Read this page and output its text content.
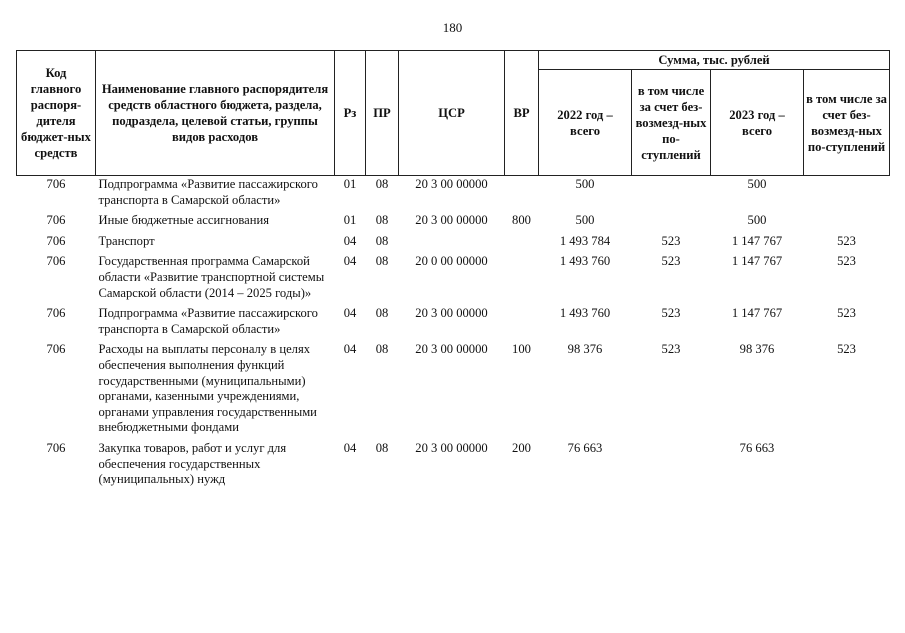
180
Код главного распоря-дителя бюджет-ных средств	Наименование главного распорядителя средств областного бюджета, раздела, подраздела, целевой статьи, группы видов расходов	Рз	ПР	ЦСР	ВР	Сумма, тыс. рублей			
						2022 год – всего	в том числе за счет без-возмезд-ных по-ступлений	2023 год – всего	в том числе за счет без-возмезд-ных по-ступлений
706	Подпрограмма «Развитие пассажирского транспорта в Самарской области»	01	08	20 3 00 00000		500		500	
706	Иные бюджетные ассигнования	01	08	20 3 00 00000	800	500		500	
706	Транспорт	04	08			1 493 784	523	1 147 767	523
706	Государственная программа Самарской области «Развитие транспортной системы Самарской области (2014 – 2025 годы)»	04	08	20 0 00 00000		1 493 760	523	1 147 767	523
706	Подпрограмма «Развитие пассажирского транспорта в Самарской области»	04	08	20 3 00 00000		1 493 760	523	1 147 767	523
706	Расходы на выплаты персоналу в целях обеспечения выполнения функций государственными (муниципальными) органами, казенными учреждениями, органами управления государственными внебюджетными фондами	04	08	20 3 00 00000	100	98 376	523	98 376	523
706	Закупка товаров, работ и услуг для обеспечения государственных (муниципальных) нужд	04	08	20 3 00 00000	200	76 663		76 663	
